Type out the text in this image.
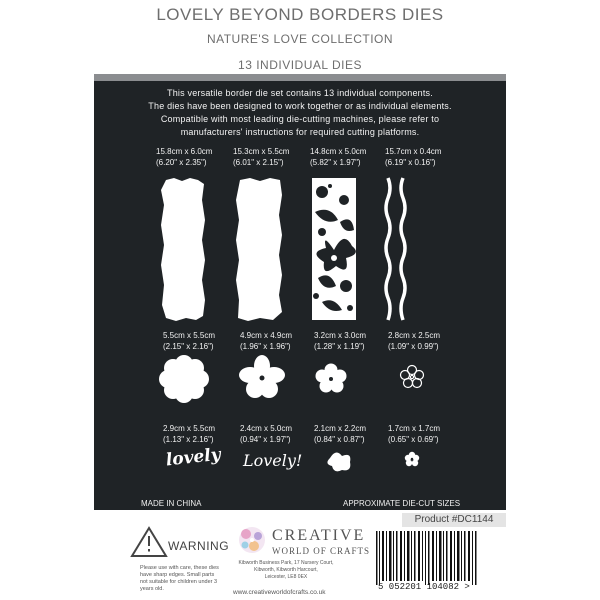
LOVELY BEYOND BORDERS DIES
NATURE'S LOVE COLLECTION
13 INDIVIDUAL DIES
This versatile border die set contains 13 individual components.
The dies have been designed to work together or as individual elements.
Compatible with most leading die-cutting machines, please refer to
manufacturers' instructions for required cutting platforms.
15.8cm x 6.0cm
(6.20" x 2.35")
15.3cm x 5.5cm
(6.01" x 2.15")
14.8cm x 5.0cm
(5.82" x 1.97")
15.7cm x 0.4cm
(6.19" x 0.16")
5.5cm x 5.5cm
(2.15" x 2.16")
4.9cm x 4.9cm
(1.96" x 1.96")
3.2cm x 3.0cm
(1.28" x 1.19")
2.8cm x 2.5cm
(1.09" x 0.99")
2.9cm x 5.5cm
(1.13" x 2.16")
2.4cm x 5.0cm
(0.94" x 1.97")
2.1cm x 2.2cm
(0.84" x 0.87")
1.7cm x 1.7cm
(0.65" x 0.69")
lovely Lovely!
MADE IN CHINA	APPROXIMATE DIE-CUT SIZES
Product #DC1144
WARNING
Please use with care, these dies have sharp edges. Small parts not suitable for children under 3 years old.
CREATIVE
WORLD OF CRAFTS
Kibworth Business Park, 17 Nursery Court,
Kibworth, Kibworth Harcourt,
Leicester, LE8 0EX
www.creativeworldofcrafts.co.uk
5 052201 104082 >
